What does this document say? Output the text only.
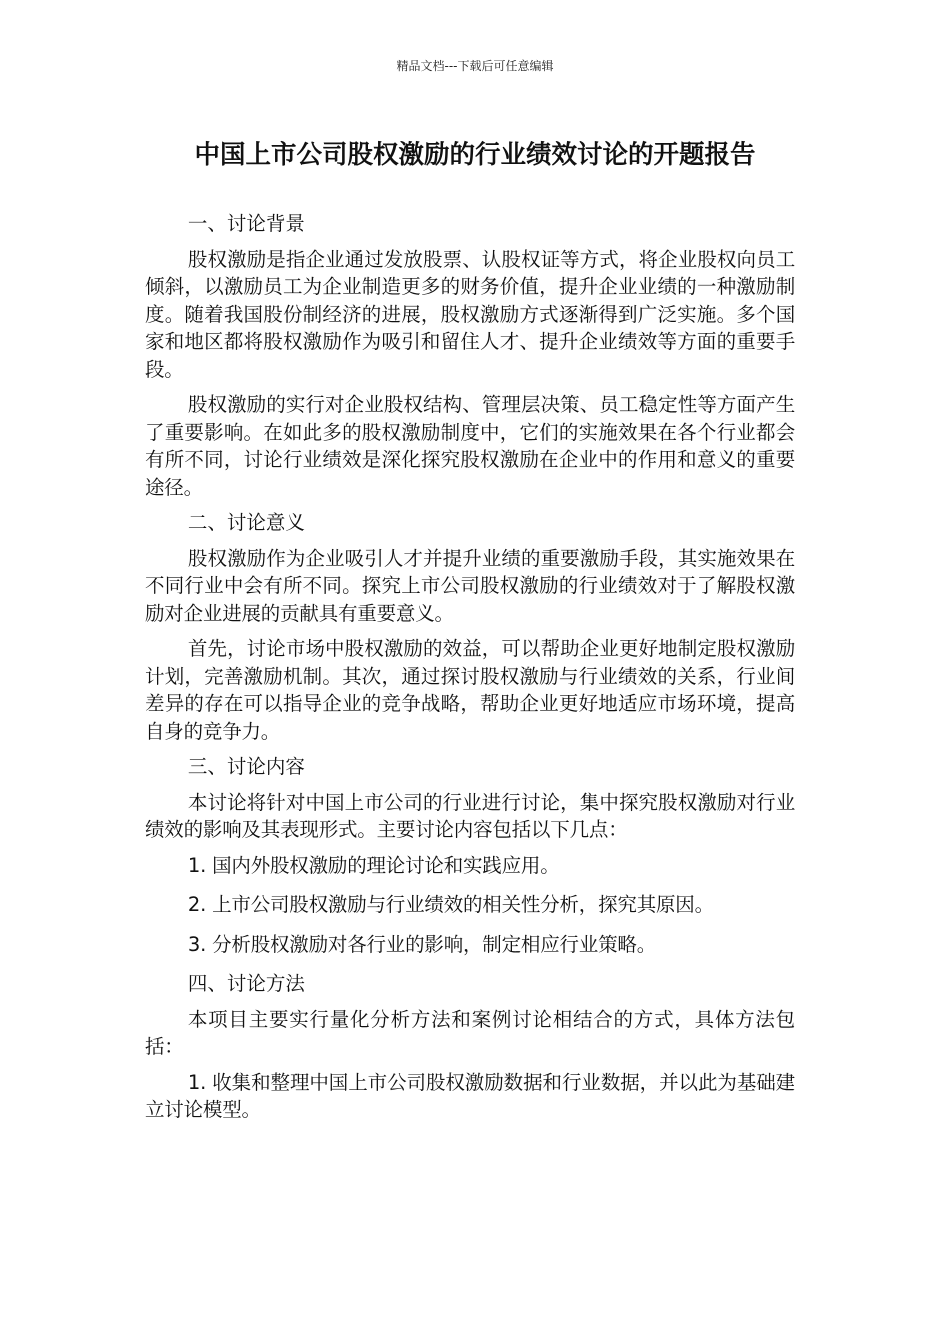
精品文档---下载后可任意编辑
中国上市公司股权激励的行业绩效讨论的开题报告
一、讨论背景

股权激励是指企业通过发放股票、认股权证等方式，将企业股权向员工倾斜，以激励员工为企业制造更多的财务价值，提升企业业绩的一种激励制度。随着我国股份制经济的进展，股权激励方式逐渐得到广泛实施。多个国家和地区都将股权激励作为吸引和留住人才、提升企业绩效等方面的重要手段。

股权激励的实行对企业股权结构、管理层决策、员工稳定性等方面产生了重要影响。在如此多的股权激励制度中，它们的实施效果在各个行业都会有所不同，讨论行业绩效是深化探究股权激励在企业中的作用和意义的重要途径。

二、讨论意义

股权激励作为企业吸引人才并提升业绩的重要激励手段，其实施效果在不同行业中会有所不同。探究上市公司股权激励的行业绩效对于了解股权激励对企业进展的贡献具有重要意义。

首先，讨论市场中股权激励的效益，可以帮助企业更好地制定股权激励计划，完善激励机制。其次，通过探讨股权激励与行业绩效的关系，行业间差异的存在可以指导企业的竞争战略，帮助企业更好地适应市场环境，提高自身的竞争力。

三、讨论内容

本讨论将针对中国上市公司的行业进行讨论，集中探究股权激励对行业绩效的影响及其表现形式。主要讨论内容包括以下几点：

1. 国内外股权激励的理论讨论和实践应用。

2. 上市公司股权激励与行业绩效的相关性分析，探究其原因。

3. 分析股权激励对各行业的影响，制定相应行业策略。

四、讨论方法

本项目主要实行量化分析方法和案例讨论相结合的方式，具体方法包括：

1. 收集和整理中国上市公司股权激励数据和行业数据，并以此为基础建立讨论模型。
